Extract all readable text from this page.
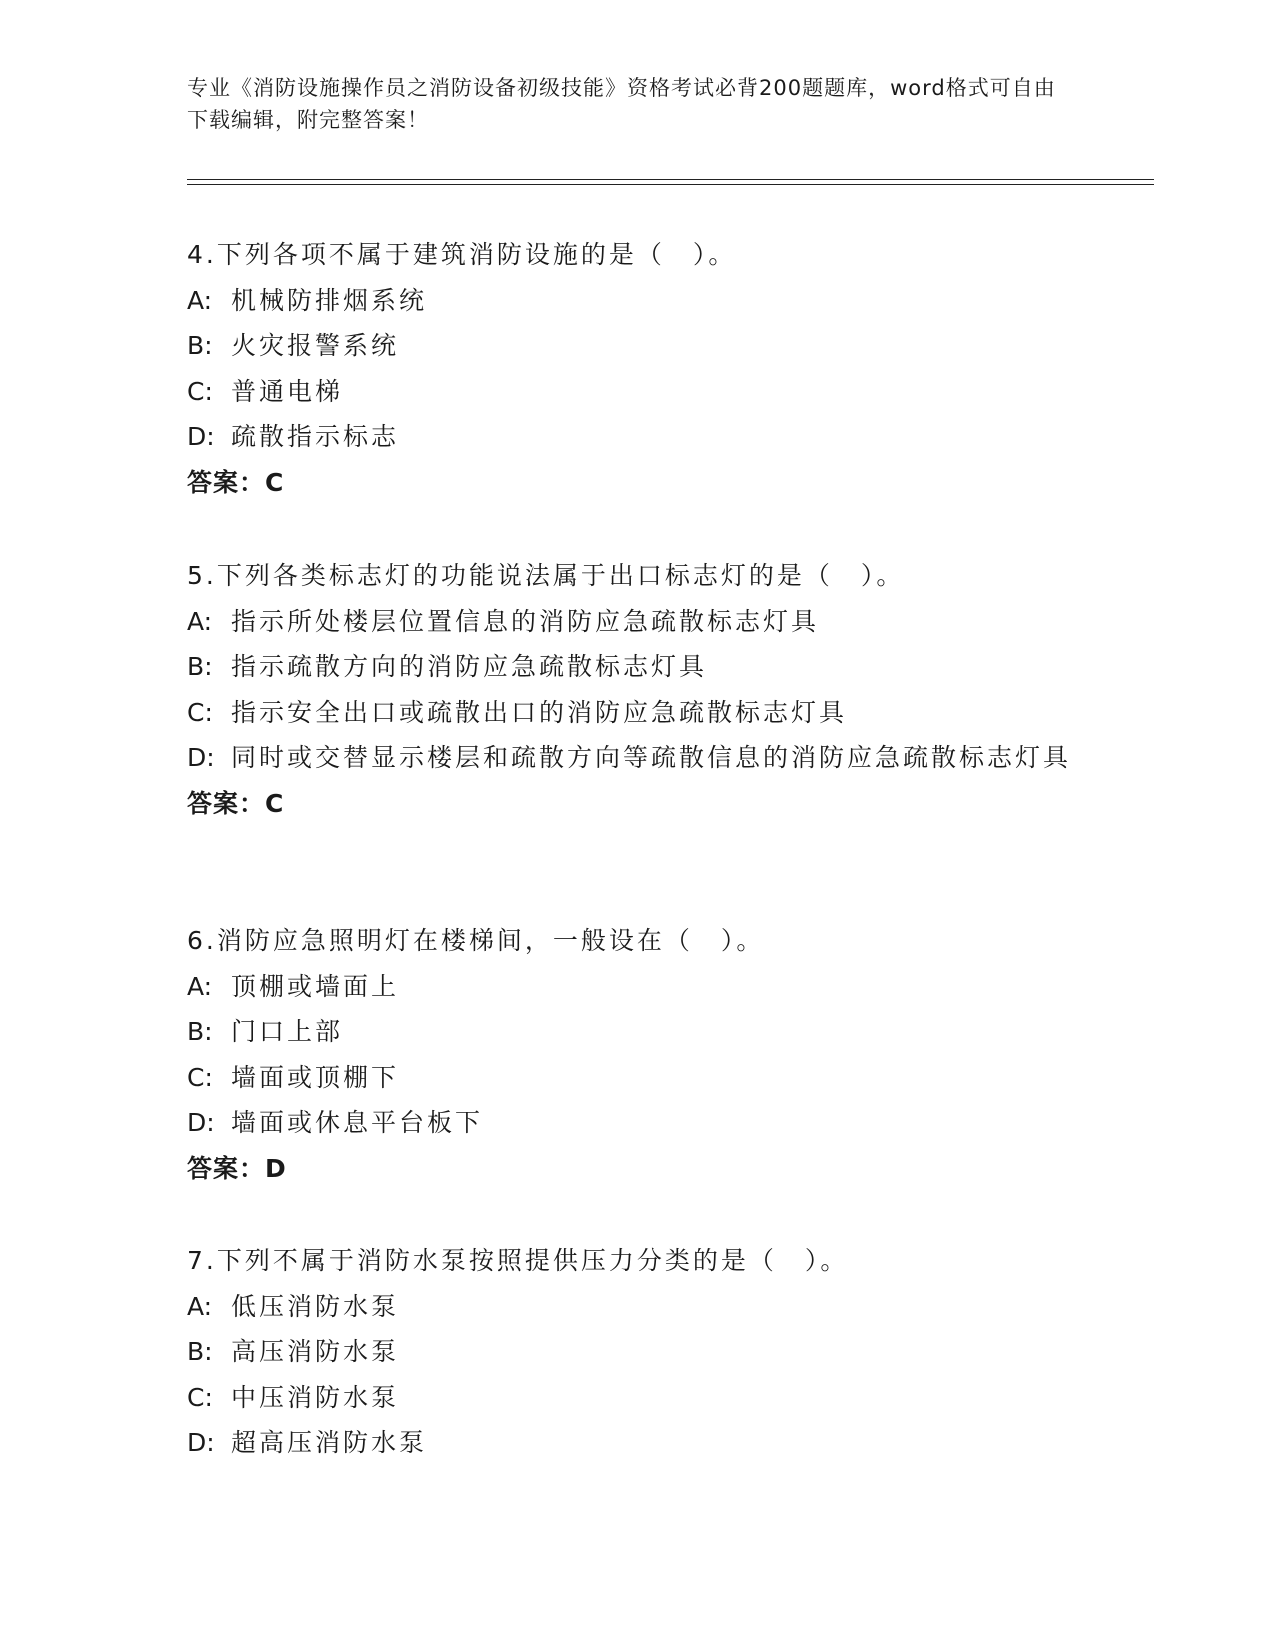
专业《消防设施操作员之消防设备初级技能》资格考试必背200题题库，word格式可自由下载编辑，附完整答案！
4.下列各项不属于建筑消防设施的是（　）。
A: 机械防排烟系统
B: 火灾报警系统
C: 普通电梯
D: 疏散指示标志
答案：C
5.下列各类标志灯的功能说法属于出口标志灯的是（　）。
A: 指示所处楼层位置信息的消防应急疏散标志灯具
B: 指示疏散方向的消防应急疏散标志灯具
C: 指示安全出口或疏散出口的消防应急疏散标志灯具
D: 同时或交替显示楼层和疏散方向等疏散信息的消防应急疏散标志灯具
答案：C
6.消防应急照明灯在楼梯间，一般设在（　）。
A: 顶棚或墙面上
B: 门口上部
C: 墙面或顶棚下
D: 墙面或休息平台板下
答案：D
7.下列不属于消防水泵按照提供压力分类的是（　）。
A: 低压消防水泵
B: 高压消防水泵
C: 中压消防水泵
D: 超高压消防水泵
